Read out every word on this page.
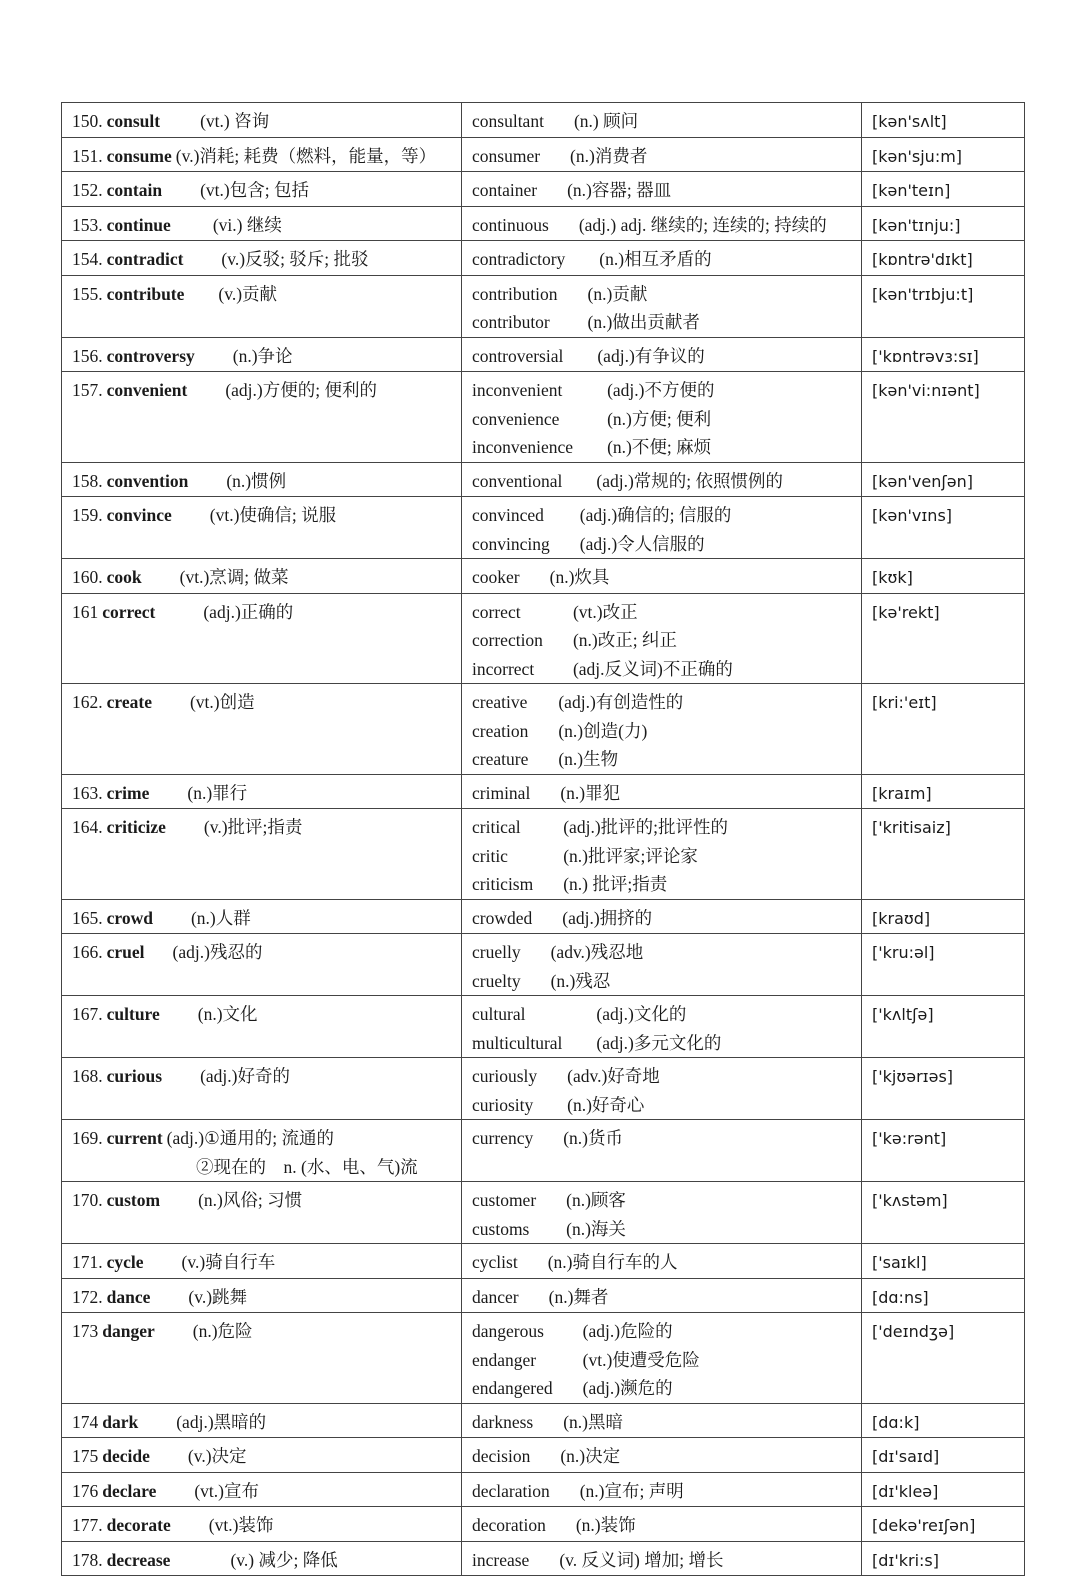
150. consult (vt.) 咨询	consultant (n.) 顾问	[kən'sʌlt]

151. consume (v.)消耗; 耗费（燃料，能量，等）	consumer (n.)消费者	[kən'sju:m]

152. contain (vt.)包含; 包括	container (n.)容器; 器皿	[kən'teɪn]

153. continue (vi.) 继续	continuous (adj.) adj. 继续的; 连续的; 持续的	[kən'tɪnju:]

154. contradict (v.)反驳; 驳斥; 批驳	contradictory (n.)相互矛盾的	[kɒntrə'dɪkt]

155. contribute (v.)贡献	contribution (n.)贡献
contributor (n.)做出贡献者	[kən'trɪbju:t]

156. controversy (n.)争论	controversial (adj.)有争议的	['kɒntrəvɜ:sɪ]

157. convenient (adj.)方便的; 便利的	inconvenient (adj.)不方便的
convenience (n.)方便; 便利
inconvenience (n.)不便; 麻烦	[kən'vi:nɪənt]

158. convention (n.)惯例	conventional (adj.)常规的; 依照惯例的	[kən'venʃən]

159. convince (vt.)使确信; 说服	convinced (adj.)确信的; 信服的
convincing (adj.)令人信服的	[kən'vɪns]

160. cook (vt.)烹调; 做菜	cooker (n.)炊具	[kʊk]

161 correct (adj.)正确的	correct (vt.)改正
correction (n.)改正; 纠正
incorrect (adj.反义词)不正确的	[kə'rekt]

162. create (vt.)创造	creative (adj.)有创造性的
creation (n.)创造(力)
creature (n.)生物	[kri:'eɪt]

163. crime (n.)罪行	criminal (n.)罪犯	[kraɪm]

164. criticize (v.)批评;指责	critical (adj.)批评的;批评性的
critic (n.)批评家;评论家
criticism (n.) 批评;指责	['kritisaiz]

165. crowd (n.)人群	crowded (adj.)拥挤的	[kraʊd]

166. cruel (adj.)残忍的	cruelly (adv.)残忍地
cruelty (n.)残忍	['kru:əl]

167. culture (n.)文化	cultural (adj.)文化的
multicultural (adj.)多元文化的	['kʌltʃə]

168. curious (adj.)好奇的	curiously (adv.)好奇地
curiosity (n.)好奇心	['kjʊərɪəs]

169. current (adj.)①通用的; 流通的
②现在的　n. (水、电、气)流	currency (n.)货币	['kə:rənt]

170. custom (n.)风俗; 习惯	customer (n.)顾客
customs (n.)海关	['kʌstəm]

171. cycle (v.)骑自行车	cyclist (n.)骑自行车的人	['saɪkl]

172. dance (v.)跳舞	dancer (n.)舞者	[dɑ:ns]

173 danger (n.)危险	dangerous (adj.)危险的
endanger (vt.)使遭受危险
endangered (adj.)濒危的	['deɪndʒə]

174 dark (adj.)黑暗的	darkness (n.)黑暗	[dɑ:k]

175 decide (v.)决定	decision (n.)决定	[dɪ'saɪd]

176 declare (vt.)宣布	declaration (n.)宣布; 声明	[dɪ'kleə]

177. decorate (vt.)装饰	decoration (n.)装饰	[dekə'reɪʃən]

178. decrease (v.) 减少; 降低	increase (v. 反义词) 增加; 增长	[dɪ'kri:s]
